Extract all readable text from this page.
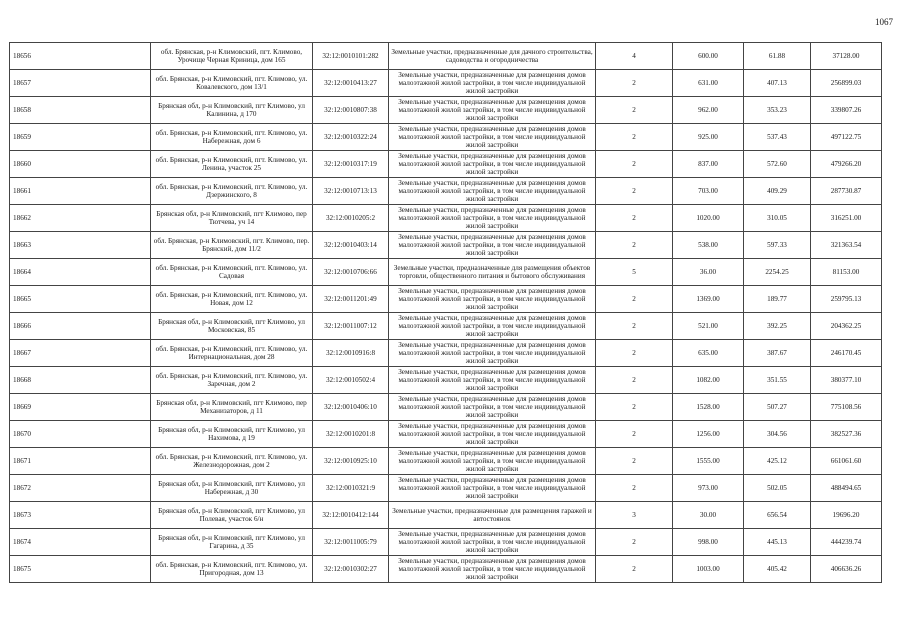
1067
18656	обл. Брянская, р-н Климовский, пгт. Климово, Урочище Черная Криница, дом 165	32:12:0010101:282	Земельные участки, предназначенные для дачного строительства, садоводства и огородничества	4	600.00	61.88	37128.00
18657	обл. Брянская, р-н Климовский, пгт. Климово, ул. Ковалевского, дом 13/1	32:12:0010413:27	Земельные участки, предназначенные для размещения домов малоэтажной жилой застройки, в том числе индивидуальной жилой застройки	2	631.00	407.13	256899.03
18658	Брянская обл, р-н Климовский, пгт Климово, ул Калинина, д 170	32:12:0010807:38	Земельные участки, предназначенные для размещения домов малоэтажной жилой застройки, в том числе индивидуальной жилой застройки	2	962.00	353.23	339807.26
18659	обл. Брянская, р-н Климовский, пгт. Климово, ул. Набережная, дом 6	32:12:0010322:24	Земельные участки, предназначенные для размещения домов малоэтажной жилой застройки, в том числе индивидуальной жилой застройки	2	925.00	537.43	497122.75
18660	обл. Брянская, р-н Климовский, пгт. Климово, ул. Ленина, участок 25	32:12:0010317:19	Земельные участки, предназначенные для размещения домов малоэтажной жилой застройки, в том числе индивидуальной жилой застройки	2	837.00	572.60	479266.20
18661	обл. Брянская, р-н Климовский, пгт. Климово, ул. Дзержинского, 8	32:12:0010713:13	Земельные участки, предназначенные для размещения домов малоэтажной жилой застройки, в том числе индивидуальной жилой застройки	2	703.00	409.29	287730.87
18662	Брянская обл, р-н Климовский, пгт Климово, пер Тютчева, уч 14	32:12:0010205:2	Земельные участки, предназначенные для размещения домов малоэтажной жилой застройки, в том числе индивидуальной жилой застройки	2	1020.00	310.05	316251.00
18663	обл. Брянская, р-н Климовский, пгт. Климово, пер. Брянский, дом 11/2	32:12:0010403:14	Земельные участки, предназначенные для размещения домов малоэтажной жилой застройки, в том числе индивидуальной жилой застройки	2	538.00	597.33	321363.54
18664	обл. Брянская, р-н Климовский, пгт. Климово, ул. Садовая	32:12:0010706:66	Земельные участки, предназначенные для размещения объектов торговли, общественного питания и бытового обслуживания	5	36.00	2254.25	81153.00
18665	обл. Брянская, р-н Климовский, пгт. Климово, ул. Новая, дом 12	32:12:0011201:49	Земельные участки, предназначенные для размещения домов малоэтажной жилой застройки, в том числе индивидуальной жилой застройки	2	1369.00	189.77	259795.13
18666	Брянская обл, р-н Климовский, пгт Климово, ул Московская, 85	32:12:0011007:12	Земельные участки, предназначенные для размещения домов малоэтажной жилой застройки, в том числе индивидуальной жилой застройки	2	521.00	392.25	204362.25
18667	обл. Брянская, р-н Климовский, пгт. Климово, ул. Интернациональная, дом 28	32:12:0010916:8	Земельные участки, предназначенные для размещения домов малоэтажной жилой застройки, в том числе индивидуальной жилой застройки	2	635.00	387.67	246170.45
18668	обл. Брянская, р-н Климовский, пгт. Климово, ул. Заречная, дом 2	32:12:0010502:4	Земельные участки, предназначенные для размещения домов малоэтажной жилой застройки, в том числе индивидуальной жилой застройки	2	1082.00	351.55	380377.10
18669	Брянская обл, р-н Климовский, пгт Климово, пер Механизаторов, д 11	32:12:0010406:10	Земельные участки, предназначенные для размещения домов малоэтажной жилой застройки, в том числе индивидуальной жилой застройки	2	1528.00	507.27	775108.56
18670	Брянская обл, р-н Климовский, пгт Климово, ул Нахимова, д 19	32:12:0010201:8	Земельные участки, предназначенные для размещения домов малоэтажной жилой застройки, в том числе индивидуальной жилой застройки	2	1256.00	304.56	382527.36
18671	обл. Брянская, р-н Климовский, пгт. Климово, ул. Железнодорожная, дом 2	32:12:0010925:10	Земельные участки, предназначенные для размещения домов малоэтажной жилой застройки, в том числе индивидуальной жилой застройки	2	1555.00	425.12	661061.60
18672	Брянская обл, р-н Климовский, пгт Климово, ул Набережная, д 30	32:12:0010321:9	Земельные участки, предназначенные для размещения домов малоэтажной жилой застройки, в том числе индивидуальной жилой застройки	2	973.00	502.05	488494.65
18673	Брянская обл, р-н Климовский, пгт Климово, ул Полевая, участок 6/н	32:12:0010412:144	Земельные участки, предназначенные для размещения гаражей и автостоянок	3	30.00	656.54	19696.20
18674	Брянская обл, р-н Климовский, пгт Климово, ул Гагарина, д 35	32:12:0011005:79	Земельные участки, предназначенные для размещения домов малоэтажной жилой застройки, в том числе индивидуальной жилой застройки	2	998.00	445.13	444239.74
18675	обл. Брянская, р-н Климовский, пгт. Климово, ул. Пригородная, дом 13	32:12:0010302:27	Земельные участки, предназначенные для размещения домов малоэтажной жилой застройки, в том числе индивидуальной жилой застройки	2	1003.00	405.42	406636.26
